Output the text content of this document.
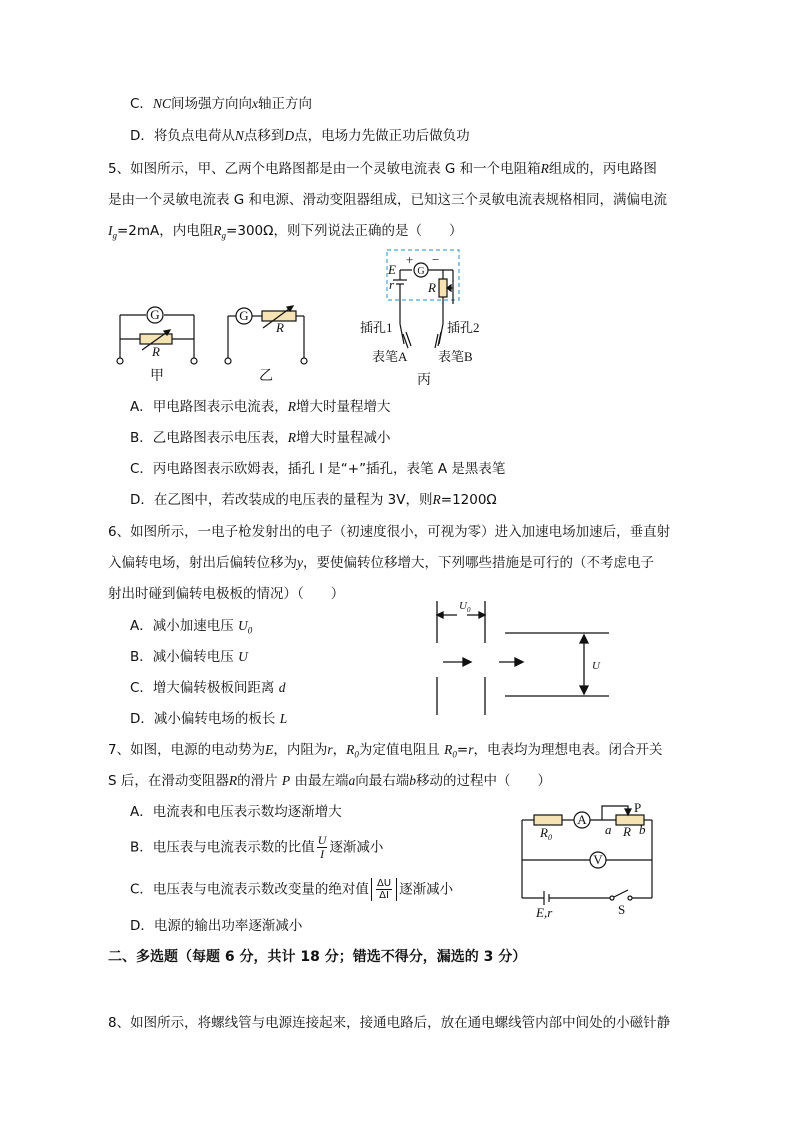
C．NC间场强方向向x轴正方向
D．将负点电荷从N点移到D点，电场力先做正功后做负功
5、如图所示，甲、乙两个电路图都是由一个灵敏电流表 G 和一个电阻箱R组成的，丙电路图
是由一个灵敏电流表 G 和电源、滑动变阻器组成，已知这三个灵敏电流表规格相同，满偏电流
$I_g=2mA$，内电阻$R_g=300\Omega$，则下列说法正确的是（　　）
G
R
甲
G
R
乙
G
+ −
E
r	R
插孔1	插孔2
表笔A 表笔B
丙
A．甲电路图表示电流表，R增大时量程增大
B．乙电路图表示电压表，R增大时量程减小
C．丙电路图表示欧姆表，插孔 l 是“+”插孔，表笔 A 是黑表笔
D．在乙图中，若改装成的电压表的量程为 3V，则R=1200Ω
6、如图所示，一电子枪发射出的电子（初速度很小，可视为零）进入加速电场加速后，垂直射
入偏转电场，射出后偏转位移为y，要使偏转位移增大，下列哪些措施是可行的（不考虑电子
射出时碰到偏转电极板的情况）（　　）
A．减小加速电压 $U_0$
B．减小偏转电压 U
C．增大偏转极板间距离 d
D．减小偏转电场的板长 L
$U_0$
U
7、如图，电源的电动势为E，内阻为r，$R_0$为定值电阻且 $R_0=r$，电表均为理想电表。闭合开关
S 后，在滑动变阻器R的滑片 P 由最左端a向最右端b移动的过程中（　　）
A．电流表和电压表示数均逐渐增大
B．电压表与电流表示数的比值 $\frac{U}{I}$ 逐渐减小
C．电压表与电流表示数改变量的绝对值 $\frac{\Delta U}{\Delta I}$ 逐渐减小
D．电源的输出功率逐渐减小
P
$R_0$
A
a R b
V
E,r	S
二、多选题（每题 6 分，共计 18 分；错选不得分，漏选的 3 分）
8、如图所示，将螺线管与电源连接起来，接通电路后，放在通电螺线管内部中间处的小磁针静
